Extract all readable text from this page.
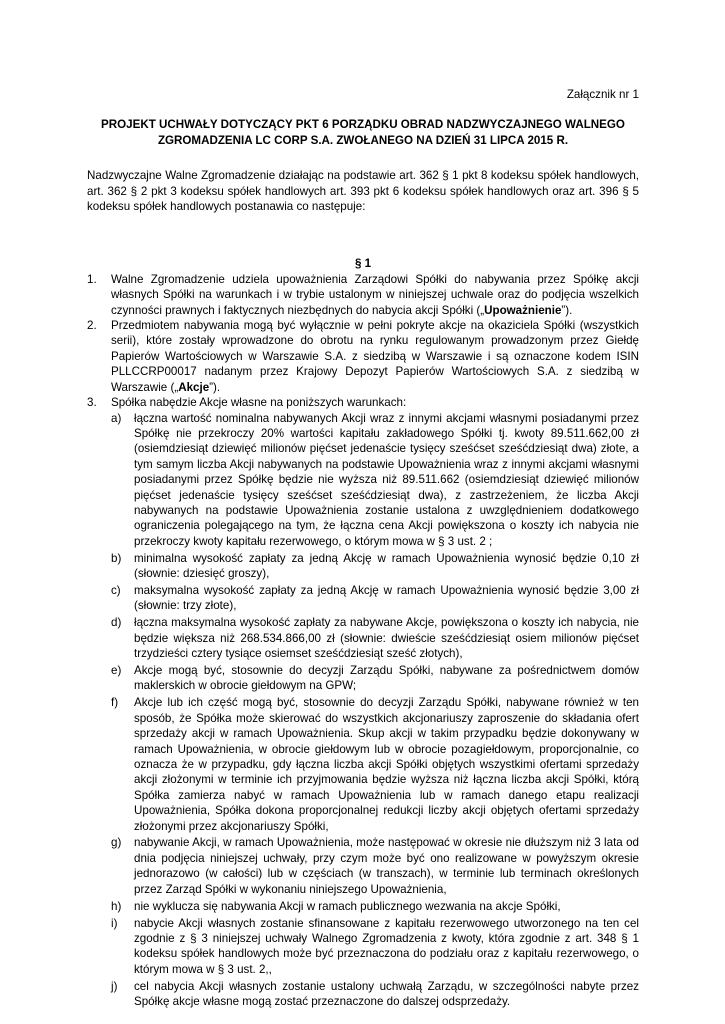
Załącznik nr 1

PROJEKT UCHWAŁY DOTYCZĄCY PKT 6 PORZĄDKU OBRAD NADZWYCZAJNEGO WALNEGO ZGROMADZENIA LC CORP S.A. ZWOŁANEGO NA DZIEŃ 31 LIPCA 2015 R.

Nadzwyczajne Walne Zgromadzenie działając na podstawie art. 362 § 1 pkt 8 kodeksu spółek handlowych, art. 362 § 2 pkt 3 kodeksu spółek handlowych art. 393 pkt 6 kodeksu spółek handlowych oraz art. 396 § 5 kodeksu spółek handlowych postanawia co następuje:

§ 1

1. Walne Zgromadzenie udziela upoważnienia Zarządowi Spółki do nabywania przez Spółkę akcji własnych Spółki na warunkach i w trybie ustalonym w niniejszej uchwale oraz do podjęcia wszelkich czynności prawnych i faktycznych niezbędnych do nabycia akcji Spółki („Upoważnienie”).
2. Przedmiotem nabywania mogą być wyłącznie w pełni pokryte akcje na okaziciela Spółki (wszystkich serii), które zostały wprowadzone do obrotu na rynku regulowanym prowadzonym przez Giełdę Papierów Wartościowych w Warszawie S.A. z siedzibą w Warszawie i są oznaczone kodem ISIN PLLCCRP00017 nadanym przez Krajowy Depozyt Papierów Wartościowych S.A. z siedzibą w Warszawie („Akcje”).
3. Spółka nabędzie Akcje własne na poniższych warunkach:
a) łączna wartość nominalna nabywanych Akcji wraz z innymi akcjami własnymi posiadanymi przez Spółkę nie przekroczy 20% wartości kapitału zakładowego Spółki tj. kwoty 89.511.662,00 zł (osiemdziesiąt dziewięć milionów pięćset jedenaście tysięcy sześćset sześćdziesiąt dwa) złote, a tym samym liczba Akcji nabywanych na podstawie Upoważnienia wraz z innymi akcjami własnymi posiadanymi przez Spółkę będzie nie wyższa niż 89.511.662 (osiemdziesiąt dziewięć milionów pięćset jedenaście tysięcy sześćset sześćdziesiąt dwa), z zastrzeżeniem, że liczba Akcji nabywanych na podstawie Upoważnienia zostanie ustalona z uwzględnieniem dodatkowego ograniczenia polegającego na tym, że łączna cena Akcji powiększona o koszty ich nabycia nie przekroczy kwoty kapitału rezerwowego, o którym mowa w § 3 ust. 2 ;
b) minimalna wysokość zapłaty za jedną Akcję w ramach Upoważnienia wynosić będzie 0,10 zł (słownie: dziesięć groszy),
c) maksymalna wysokość zapłaty za jedną Akcję w ramach Upoważnienia wynosić będzie 3,00 zł (słownie: trzy złote),
d) łączna maksymalna wysokość zapłaty za nabywane Akcje, powiększona o koszty ich nabycia, nie będzie większa niż 268.534.866,00 zł (słownie: dwieście sześćdziesiąt osiem milionów pięćset trzydzieści cztery tysiące osiemset sześćdziesiąt sześć złotych),
e) Akcje mogą być, stosownie do decyzji Zarządu Spółki, nabywane za pośrednictwem domów maklerskich w obrocie giełdowym na GPW;
f) Akcje lub ich część mogą być, stosownie do decyzji Zarządu Spółki, nabywane również w ten sposób, że Spółka może skierować do wszystkich akcjonariuszy zaproszenie do składania ofert sprzedaży akcji w ramach Upoważnienia. Skup akcji w takim przypadku będzie dokonywany w ramach Upoważnienia, w obrocie giełdowym lub w obrocie pozagiełdowym, proporcjonalnie, co oznacza że w przypadku, gdy łączna liczba akcji Spółki objętych wszystkimi ofertami sprzedaży akcji złożonymi w terminie ich przyjmowania będzie wyższa niż łączna liczba akcji Spółki, którą Spółka zamierza nabyć w ramach Upoważnienia lub w ramach danego etapu realizacji Upoważnienia, Spółka dokona proporcjonalnej redukcji liczby akcji objętych ofertami sprzedaży złożonymi przez akcjonariuszy Spółki,
g) nabywanie Akcji, w ramach Upoważnienia, może następować w okresie nie dłuższym niż 3 lata od dnia podjęcia niniejszej uchwały, przy czym może być ono realizowane w powyższym okresie jednorazowo (w całości) lub w częściach (w transzach), w terminie lub terminach określonych przez Zarząd Spółki w wykonaniu niniejszego Upoważnienia,
h) nie wyklucza się nabywania Akcji w ramach publicznego wezwania na akcje Spółki,
i) nabycie Akcji własnych zostanie sfinansowane z kapitału rezerwowego utworzonego na ten cel zgodnie z § 3 niniejszej uchwały Walnego Zgromadzenia z kwoty, która zgodnie z art. 348 § 1 kodeksu spółek handlowych może być przeznaczona do podziału oraz z kapitału rezerwowego, o którym mowa w § 3 ust. 2,,
j) cel nabycia Akcji własnych zostanie ustalony uchwałą Zarządu, w szczególności nabyte przez Spółkę akcje własne mogą zostać przeznaczone do dalszej odsprzedaży.
